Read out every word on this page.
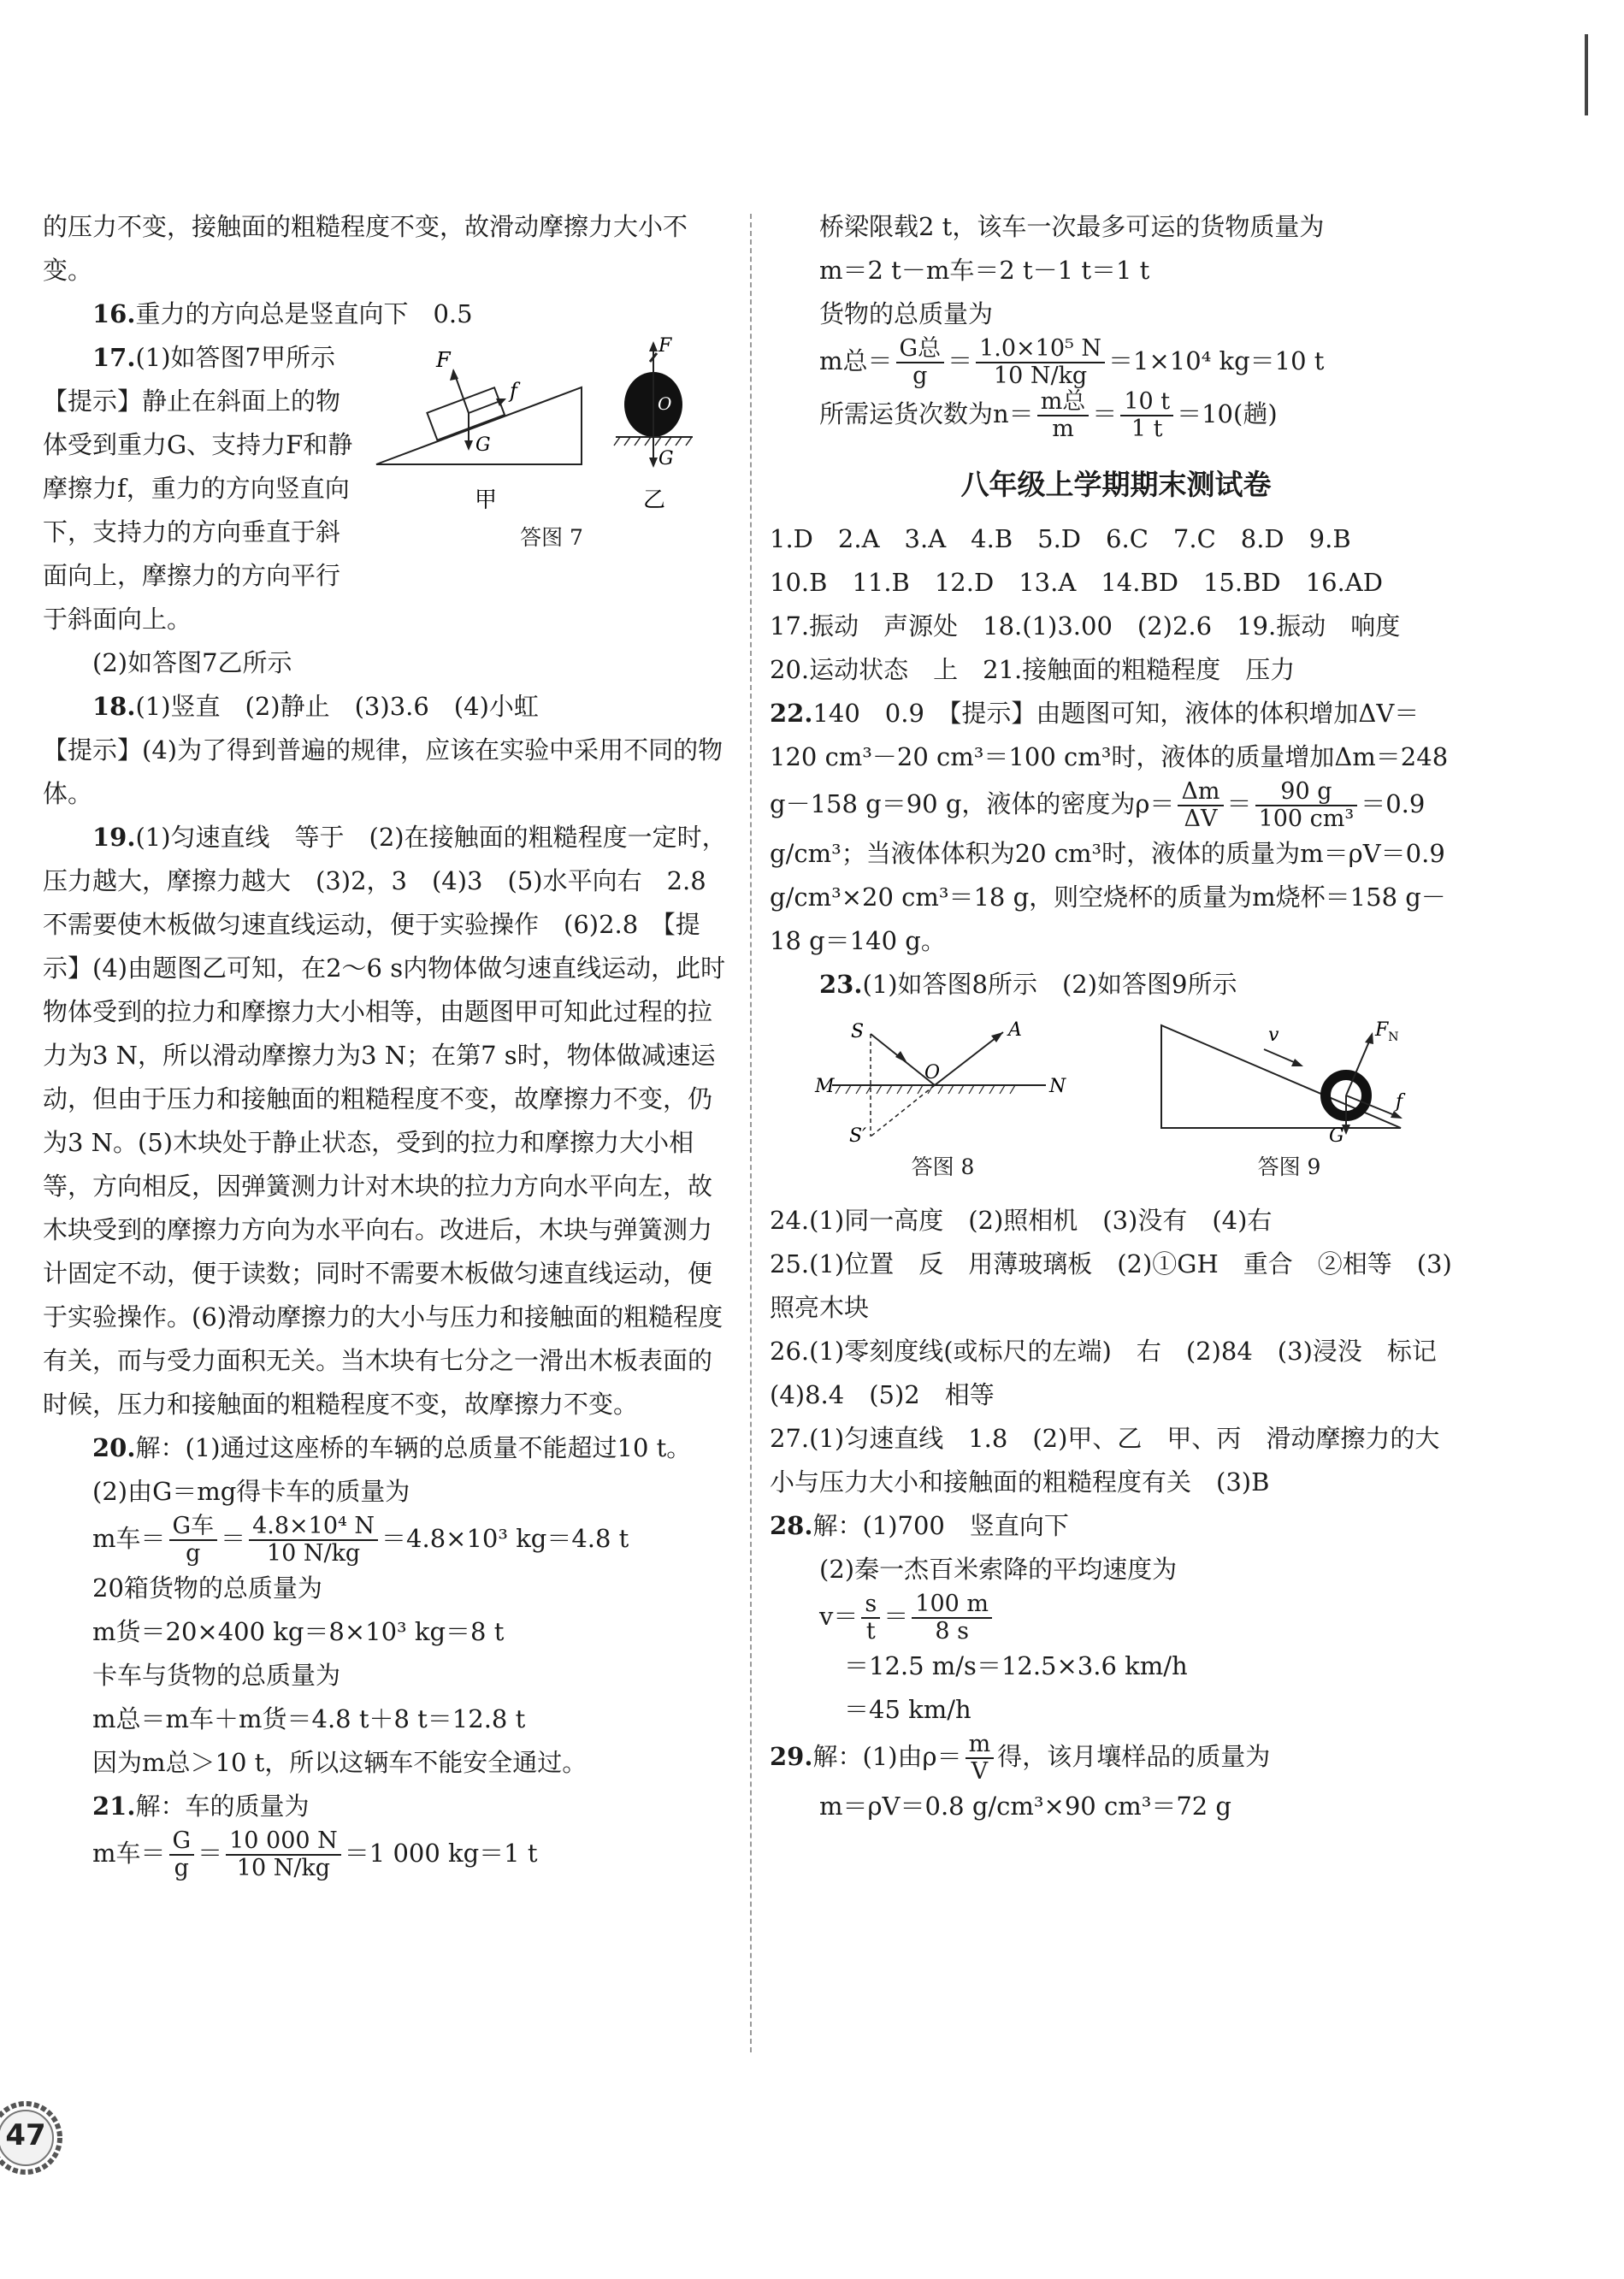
的压力不变，接触面的粗糙程度不变，故滑动摩擦力大小不变。

16.重力的方向总是竖直向下　0.5

F
f
G
甲
F
O
G
乙
答图 7

17.(1)如答图7甲所示　【提示】静止在斜面上的物体受到重力G、支持力F和静摩擦力f，重力的方向竖直向下，支持力的方向垂直于斜面向上，摩擦力的方向平行于斜面向上。

(2)如答图7乙所示

18.(1)竖直　(2)静止　(3)3.6　(4)小虹

【提示】(4)为了得到普遍的规律，应该在实验中采用不同的物体。

19.(1)匀速直线　等于　(2)在接触面的粗糙程度一定时，压力越大，摩擦力越大　(3)2，3　(4)3　(5)水平向右　2.8　不需要使木板做匀速直线运动，便于实验操作　(6)2.8　【提示】(4)由题图乙可知，在2～6 s内物体做匀速直线运动，此时物体受到的拉力和摩擦力大小相等，由题图甲可知此过程的拉力为3 N，所以滑动摩擦力为3 N；在第7 s时，物体做减速运动，但由于压力和接触面的粗糙程度不变，故摩擦力不变，仍为3 N。(5)木块处于静止状态，受到的拉力和摩擦力大小相等，方向相反，因弹簧测力计对木块的拉力方向水平向左，故木块受到的摩擦力方向为水平向右。改进后，木块与弹簧测力计固定不动，便于读数；同时不需要木板做匀速直线运动，便于实验操作。(6)滑动摩擦力的大小与压力和接触面的粗糙程度有关，而与受力面积无关。当木块有七分之一滑出木板表面的时候，压力和接触面的粗糙程度不变，故摩擦力不变。

20.解：(1)通过这座桥的车辆的总质量不能超过10 t。

(2)由G＝mg得卡车的质量为

m车＝ $\frac{\text{G车}}{g} = \frac{\text{4.8×10⁴ N}}{10 N/kg} =4.8\times 10^3$ kg＝4.8 t

20箱货物的总质量为

m货＝20×400 kg＝8×10³ kg＝8 t

卡车与货物的总质量为

m总＝m车＋m货＝4.8 t＋8 t＝12.8 t

因为m总＞10 t，所以这辆车不能安全通过。

21.解：车的质量为

m车＝ $\frac{G}{g} = \frac{10 000 N}{10 N/kg} =1$ 000 kg＝1 t

桥梁限载2 t，该车一次最多可运的货物质量为

m＝2 t－m车＝2 t－1 t＝1 t

货物的总质量为

m总＝ $\frac{\text{G总}}{g} = \frac{\text{1.0×10⁵ N}}{10 N/kg} =1\times 10^4$ kg＝10 t

所需运货次数为$n= \frac{\text{m总}}{m} = \frac{10 t}{1 t} =10$(趟)

八年级上学期期末测试卷

1.D　2.A　3.A　4.B　5.D　6.C　7.C　8.D　9.B

10.B　11.B　12.D　13.A　14.BD　15.BD　16.AD

17.振动　声源处　18.(1)3.00　(2)2.6　19.振动　响度

20.运动状态　上　21.接触面的粗糙程度　压力

22.140　0.9　【提示】由题图可知，液体的体积增加ΔV＝120 cm³－20 cm³＝100 cm³时，液体的质量增加Δm＝248 g－158 g＝90 g，液体的密度为$\rho= \frac{\Delta m}{\Delta V} = \frac{90 g}{\text{100 cm³}} =0.9$ g/cm³；当液体体积为20 cm³时，液体的质量为m＝ρV＝0.9 g/cm³×20 cm³＝18 g，则空烧杯的质量为m烧杯＝158 g－18 g＝140 g。

23.(1)如答图8所示　(2)如答图9所示

S
S′
A
O
M	N
答图 8
v	$F_N$
f
G
答图 9

24.(1)同一高度　(2)照相机　(3)没有　(4)右

25.(1)位置　反　用薄玻璃板　(2)①GH　重合　②相等　(3)照亮木块

26.(1)零刻度线(或标尺的左端)　右　(2)84　(3)浸没　标记　(4)8.4　(5)2　相等

27.(1)匀速直线　1.8　(2)甲、乙　甲、丙　滑动摩擦力的大小与压力大小和接触面的粗糙程度有关　(3)B

28.解：(1)700　竖直向下

(2)秦一杰百米索降的平均速度为

$v= \frac{s}{t} = \frac{100 m}{8 s}$

＝12.5 m/s＝12.5×3.6 km/h

＝45 km/h

29.解：(1)由$\rho= \frac{m}{V}$ 得，该月壤样品的质量为

m＝ρV＝0.8 g/cm³×90 cm³＝72 g

47
